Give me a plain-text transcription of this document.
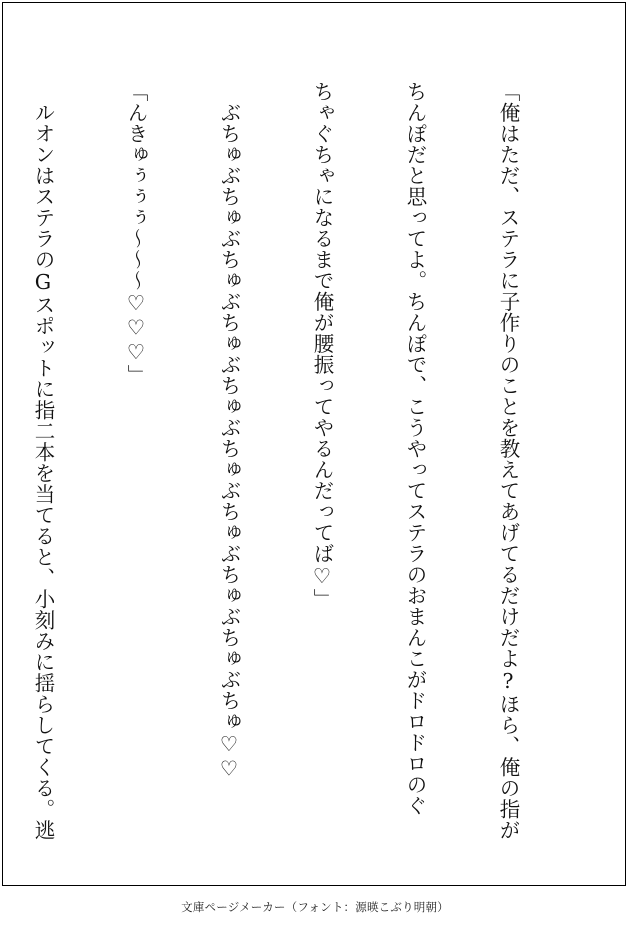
「俺はただ、ステラに子作りのことを教えてあげてるだけだよ?ほら、俺の指が

ちんぽだと思ってよ。ちんぽで、こうやってステラのおまんこがドロドロのぐ

ちゃぐちゃになるまで俺が腰振ってやるんだってば♡」

　ぶちゅぶちゅぶちゅぶちゅぶちゅぶちゅぶちゅぶちゅぶちゅぶちゅ♡♡

「んきゅぅぅぅ〜〜〜♡♡♡」

　ルオンはステラのGスポットに指二本を当てると、小刻みに揺らしてくる。逃

文庫ページメーカー（フォント：源暎こぶり明朝）
